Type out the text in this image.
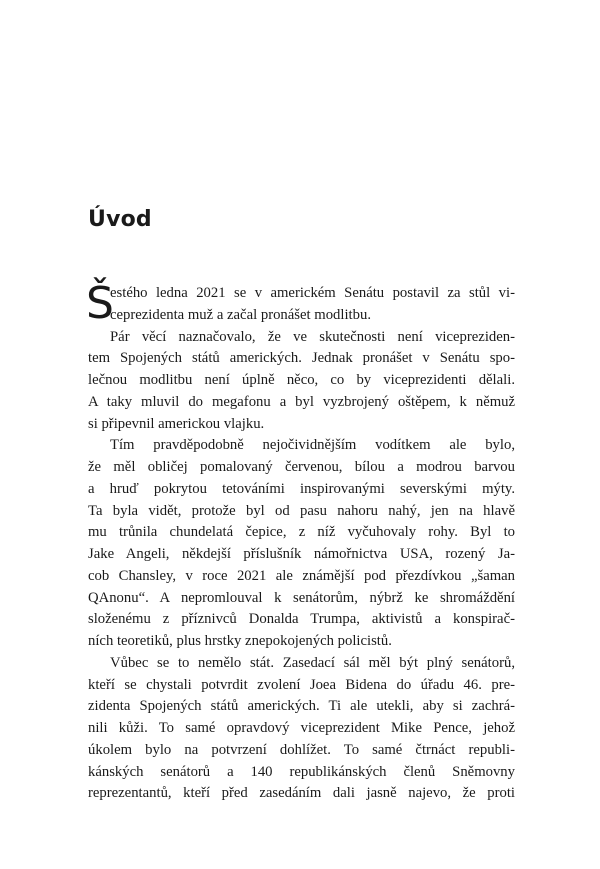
Úvod
Š
estého ledna 2021 se v americkém Senátu postavil za stůl vi-
ceprezidenta muž a začal pronášet modlitbu.
Pár věcí naznačovalo, že ve skutečnosti není vicepreziden-
tem Spojených států amerických. Jednak pronášet v Senátu spo-
lečnou modlitbu není úplně něco, co by viceprezidenti dělali.
A taky mluvil do megafonu a byl vyzbrojený oštěpem, k němuž
si připevnil americkou vlajku.
Tím pravděpodobně nejočividnějším vodítkem ale bylo,
že měl obličej pomalovaný červenou, bílou a modrou barvou
a hruď pokrytou tetováními inspirovanými severskými mýty.
Ta byla vidět, protože byl od pasu nahoru nahý, jen na hlavě
mu trůnila chundelatá čepice, z níž vyčuhovaly rohy. Byl to
Jake Angeli, někdejší příslušník námořnictva USA, rozený Ja-
cob Chansley, v roce 2021 ale známější pod přezdívkou „šaman
QAnonu“. A nepromlouval k senátorům, nýbrž ke shromáždění
složenému z příznivců Donalda Trumpa, aktivistů a konspirač-
ních teoretiků, plus hrstky znepokojených policistů.
Vůbec se to nemělo stát. Zasedací sál měl být plný senátorů,
kteří se chystali potvrdit zvolení Joea Bidena do úřadu 46. pre-
zidenta Spojených států amerických. Ti ale utekli, aby si zachrá-
nili kůži. To samé opravdový viceprezident Mike Pence, jehož
úkolem bylo na potvrzení dohlížet. To samé čtrnáct republi-
kánských senátorů a 140 republikánských členů Sněmovny
reprezentantů, kteří před zasedáním dali jasně najevo, že proti
